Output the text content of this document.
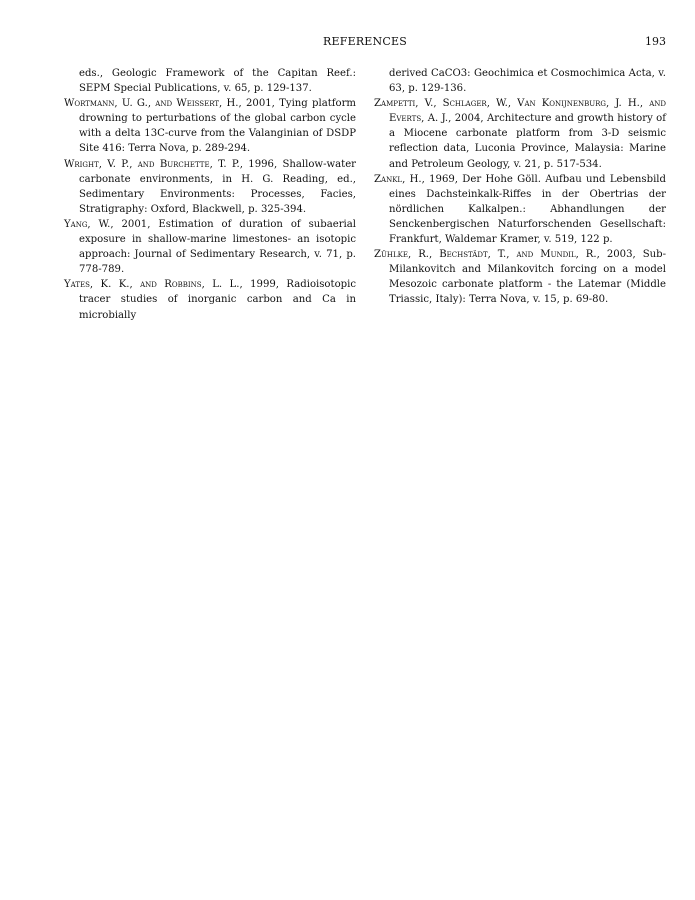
REFERENCES	193

eds., Geologic Framework of the Capitan Reef.: SEPM Special Publications, v. 65, p. 129-137.

Wortmann, U. G., and Weissert, H., 2001, Tying platform drowning to perturbations of the global carbon cycle with a delta 13C-curve from the Valanginian of DSDP Site 416: Terra Nova, p. 289-294.

Wright, V. P., and Burchette, T. P., 1996, Shallow-water carbonate environments, in H. G. Reading, ed., Sedimentary Environments: Processes, Facies, Stratigraphy: Oxford, Blackwell, p. 325-394.

Yang, W., 2001, Estimation of duration of subaerial exposure in shallow-marine limestones- an isotopic approach: Journal of Sedimentary Research, v. 71, p. 778-789.

Yates, K. K., and Robbins, L. L., 1999, Radioisotopic tracer studies of inorganic carbon and Ca in microbially

derived CaCO3: Geochimica et Cosmochimica Acta, v. 63, p. 129-136.

Zampetti, V., Schlager, W., Van Konijnenburg, J. H., and Everts, A. J., 2004, Architecture and growth history of a Miocene carbonate platform from 3-D seismic reflection data, Luconia Province, Malaysia: Marine and Petroleum Geology, v. 21, p. 517-534.

Zankl, H., 1969, Der Hohe Göll. Aufbau und Lebensbild eines Dachsteinkalk-Riffes in der Obertrias der nördlichen Kalkalpen.: Abhandlungen der Senckenbergischen Naturforschenden Gesellschaft: Frankfurt, Waldemar Kramer, v. 519, 122 p.

Zühlke, R., Bechstädt, T., and Mundil, R., 2003, Sub-Milankovitch and Milankovitch forcing on a model Mesozoic carbonate platform - the Latemar (Middle Triassic, Italy): Terra Nova, v. 15, p. 69-80.
